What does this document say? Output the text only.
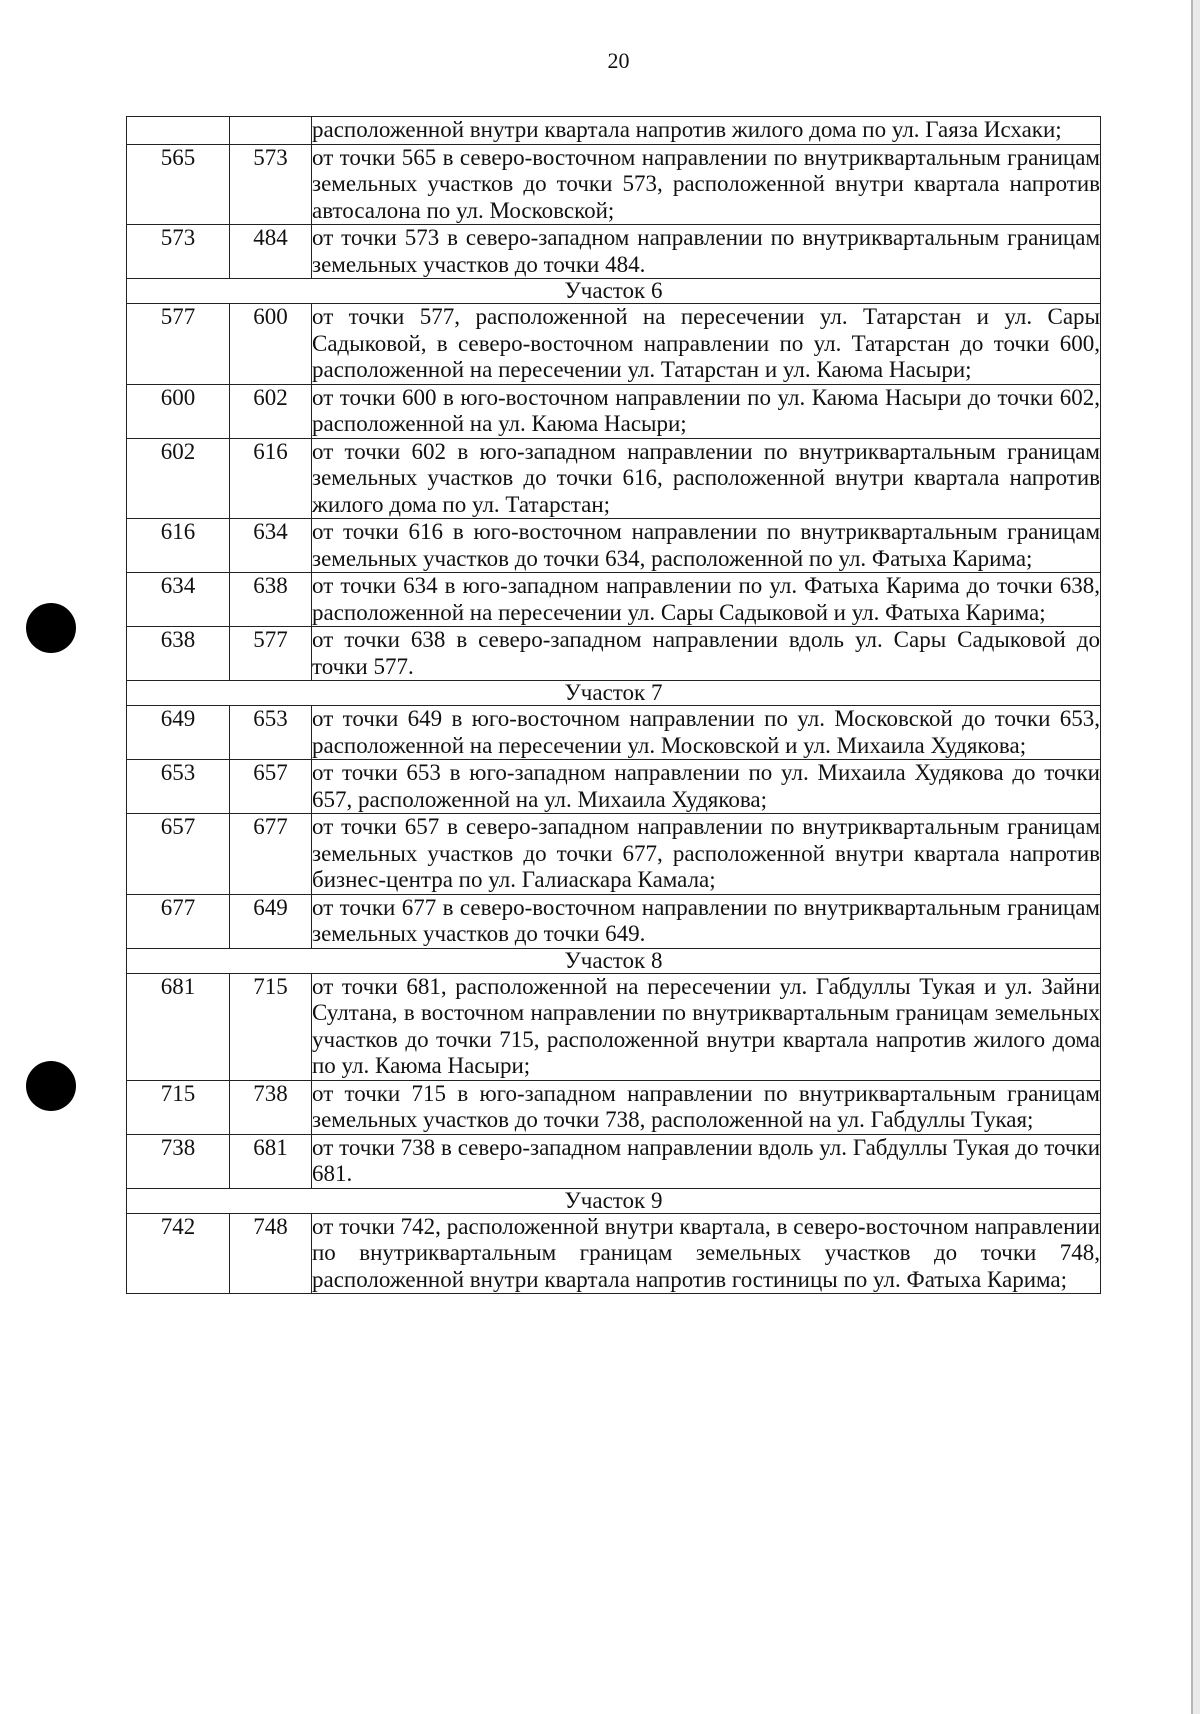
20
		расположенной внутри квартала напротив жилого дома по ул. Гаяза Исхаки;
565	573	от точки 565 в северо-восточном направлении по внутриквартальным границам земельных участков до точки 573, расположенной внутри квартала напротив автосалона по ул. Московской;
573	484	от точки 573 в северо-западном направлении по внутриквартальным границам земельных участков до точки 484.
Участок 6		
577	600	от точки 577, расположенной на пересечении ул. Татарстан и ул. Сары Садыковой, в северо-восточном направлении по ул. Татарстан до точки 600, расположенной на пересечении ул. Татарстан и ул. Каюма Насыри;
600	602	от точки 600 в юго-восточном направлении по ул. Каюма Насыри до точки 602, расположенной на ул. Каюма Насыри;
602	616	от точки 602 в юго-западном направлении по внутриквартальным границам земельных участков до точки 616, расположенной внутри квартала напротив жилого дома по ул. Татарстан;
616	634	от точки 616 в юго-восточном направлении по внутриквартальным границам земельных участков до точки 634, расположенной по ул. Фатыха Карима;
634	638	от точки 634 в юго-западном направлении по ул. Фатыха Карима до точки 638, расположенной на пересечении ул. Сары Садыковой и ул. Фатыха Карима;
638	577	от точки 638 в северо-западном направлении вдоль ул. Сары Садыковой до точки 577.
Участок 7		
649	653	от точки 649 в юго-восточном направлении по ул. Московской до точки 653, расположенной на пересечении ул. Московской и ул. Михаила Худякова;
653	657	от точки 653 в юго-западном направлении по ул. Михаила Худякова до точки 657, расположенной на ул. Михаила Худякова;
657	677	от точки 657 в северо-западном направлении по внутриквартальным границам земельных участков до точки 677, расположенной внутри квартала напротив бизнес-центра по ул. Галиаскара Камала;
677	649	от точки 677 в северо-восточном направлении по внутриквартальным границам земельных участков до точки 649.
Участок 8		
681	715	от точки 681, расположенной на пересечении ул. Габдуллы Тукая и ул. Зайни Султана, в восточном направлении по внутриквартальным границам земельных участков до точки 715, расположенной внутри квартала напротив жилого дома по ул. Каюма Насыри;
715	738	от точки 715 в юго-западном направлении по внутриквартальным границам земельных участков до точки 738, расположенной на ул. Габдуллы Тукая;
738	681	от точки 738 в северо-западном направлении вдоль ул. Габдуллы Тукая до точки 681.
Участок 9		
742	748	от точки 742, расположенной внутри квартала, в северо-восточном направлении по внутриквартальным границам земельных участков до точки 748, расположенной внутри квартала напротив гостиницы по ул. Фатыха Карима;
